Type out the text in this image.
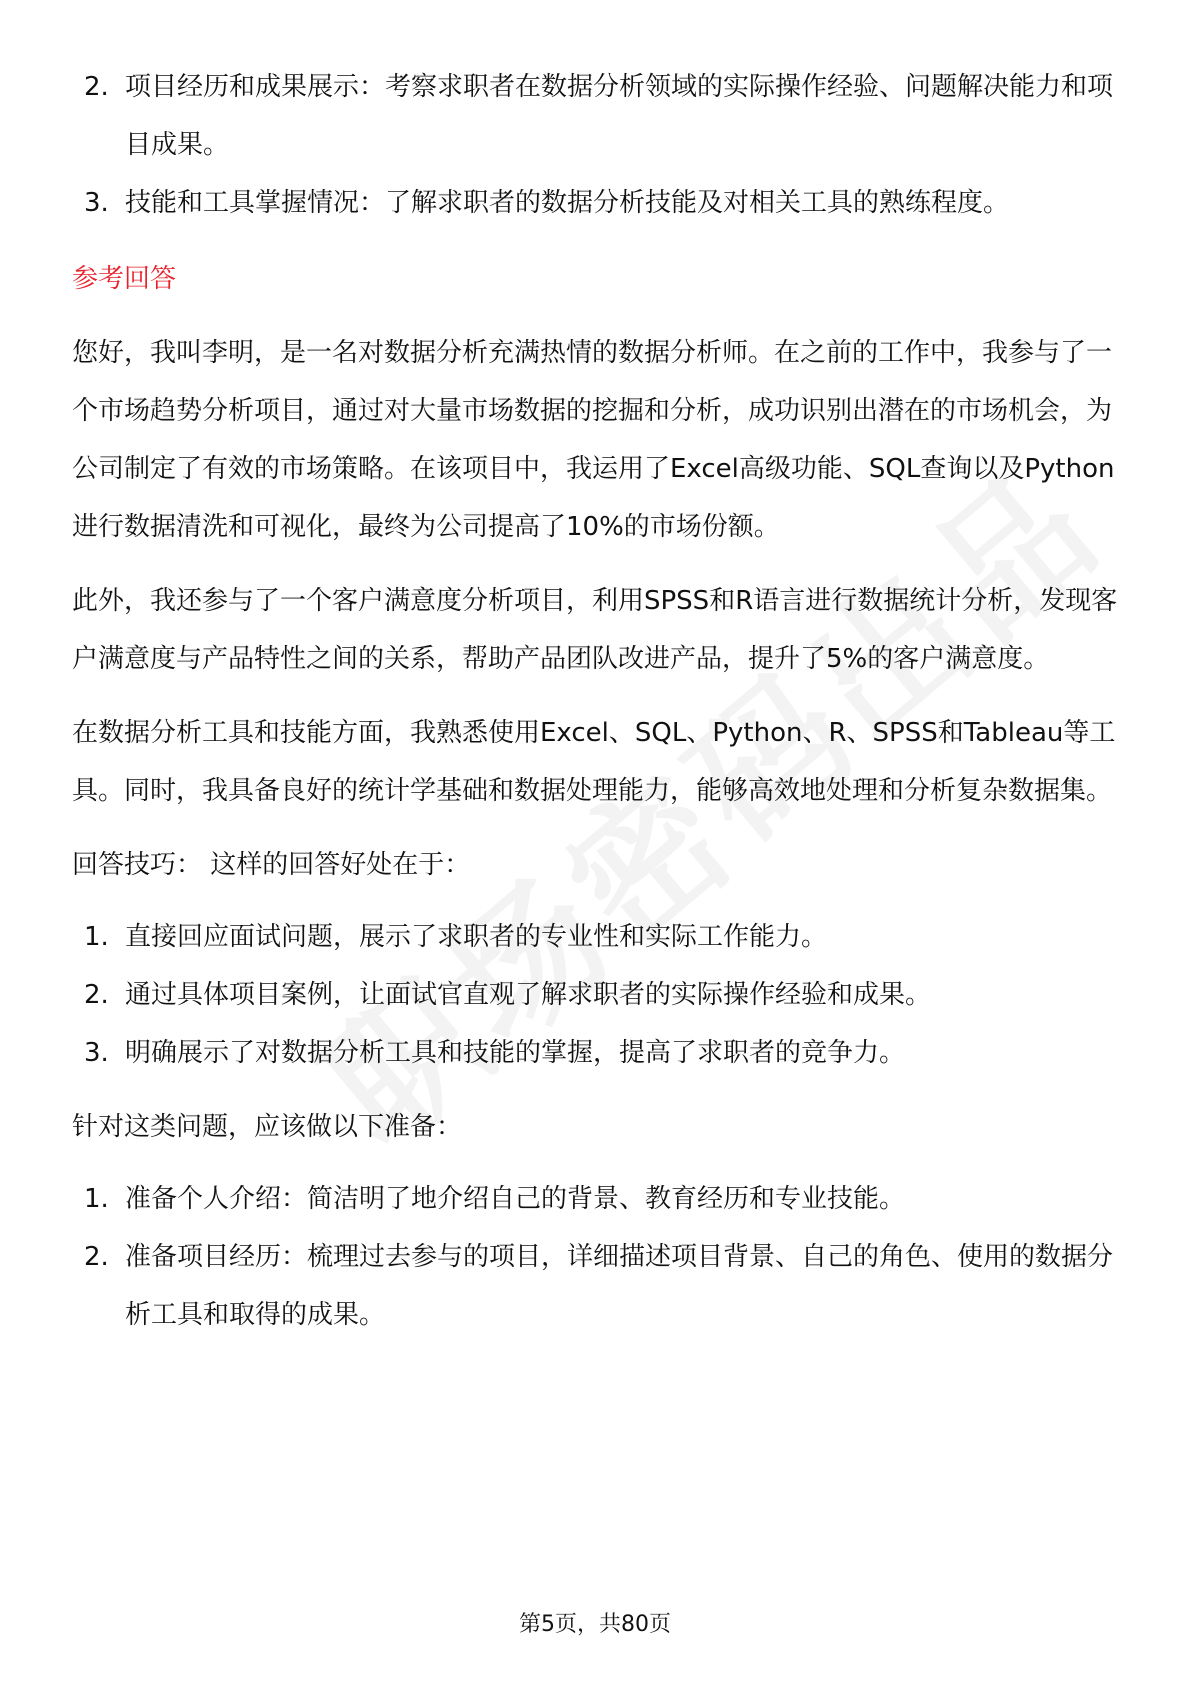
2. 项目经历和成果展示：考察求职者在数据分析领域的实际操作经验、问题解决能力和项目成果。
3. 技能和工具掌握情况：了解求职者的数据分析技能及对相关工具的熟练程度。
参考回答

您好，我叫李明，是一名对数据分析充满热情的数据分析师。在之前的工作中，我参与了一个市场趋势分析项目，通过对大量市场数据的挖掘和分析，成功识别出潜在的市场机会，为公司制定了有效的市场策略。在该项目中，我运用了Excel高级功能、SQL查询以及Python进行数据清洗和可视化，最终为公司提高了10%的市场份额。

此外，我还参与了一个客户满意度分析项目，利用SPSS和R语言进行数据统计分析，发现客户满意度与产品特性之间的关系，帮助产品团队改进产品，提升了5%的客户满意度。

在数据分析工具和技能方面，我熟悉使用Excel、SQL、Python、R、SPSS和Tableau等工具。同时，我具备良好的统计学基础和数据处理能力，能够高效地处理和分析复杂数据集。

回答技巧： 这样的回答好处在于：

1. 直接回应面试问题，展示了求职者的专业性和实际工作能力。
2. 通过具体项目案例，让面试官直观了解求职者的实际操作经验和成果。
3. 明确展示了对数据分析工具和技能的掌握，提高了求职者的竞争力。

针对这类问题，应该做以下准备：

1. 准备个人介绍：简洁明了地介绍自己的背景、教育经历和专业技能。
2. 准备项目经历：梳理过去参与的项目，详细描述项目背景、自己的角色、使用的数据分析工具和取得的成果。
第5页，共80页
